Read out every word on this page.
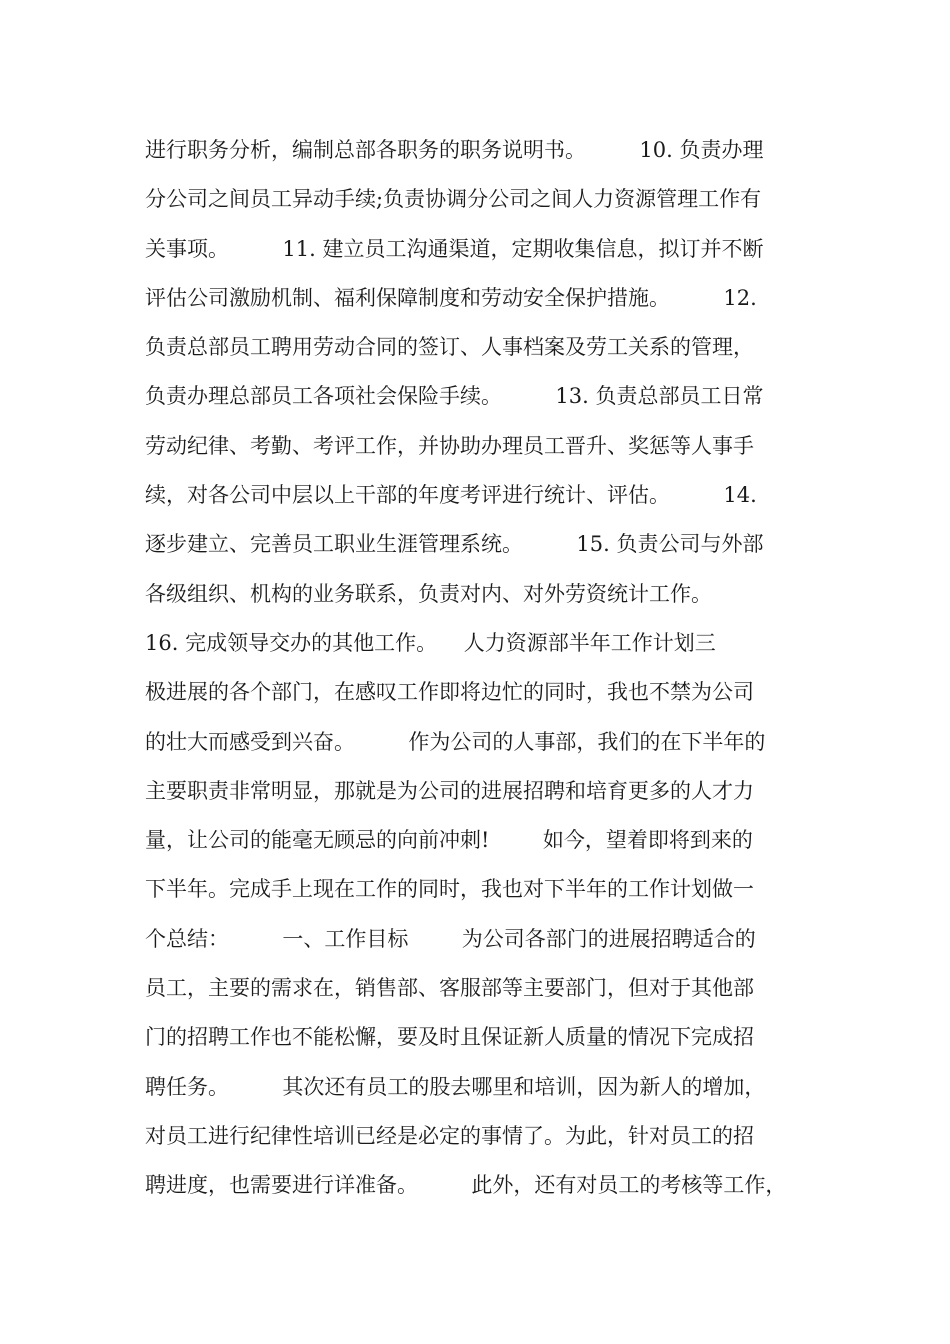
进行职务分析，编制总部各职务的职务说明书。        10. 负责办理
分公司之间员工异动手续;负责协调分公司之间人力资源管理工作有
关事项。        11. 建立员工沟通渠道，定期收集信息，拟订并不断
评估公司激励机制、福利保障制度和劳动安全保护措施。        12.
负责总部员工聘用劳动合同的签订、人事档案及劳工关系的管理，
负责办理总部员工各项社会保险手续。        13. 负责总部员工日常
劳动纪律、考勤、考评工作，并协助办理员工晋升、奖惩等人事手
续，对各公司中层以上干部的年度考评进行统计、评估。        14.
逐步建立、完善员工职业生涯管理系统。        15. 负责公司与外部
各级组织、机构的业务联系，负责对内、对外劳资统计工作。
16. 完成领导交办的其他工作。    人力资源部半年工作计划三
极进展的各个部门，在感叹工作即将边忙的同时，我也不禁为公司
的壮大而感受到兴奋。        作为公司的人事部，我们的在下半年的
主要职责非常明显，那就是为公司的进展招聘和培育更多的人才力
量，让公司的能毫无顾忌的向前冲刺!        如今，望着即将到来的
下半年。完成手上现在工作的同时，我也对下半年的工作计划做一
个总结：        一、工作目标        为公司各部门的进展招聘适合的
员工，主要的需求在，销售部、客服部等主要部门，但对于其他部
门的招聘工作也不能松懈，要及时且保证新人质量的情况下完成招
聘任务。        其次还有员工的股去哪里和培训，因为新人的增加，
对员工进行纪律性培训已经是必定的事情了。为此，针对员工的招
聘进度，也需要进行详准备。        此外，还有对员工的考核等工作，
